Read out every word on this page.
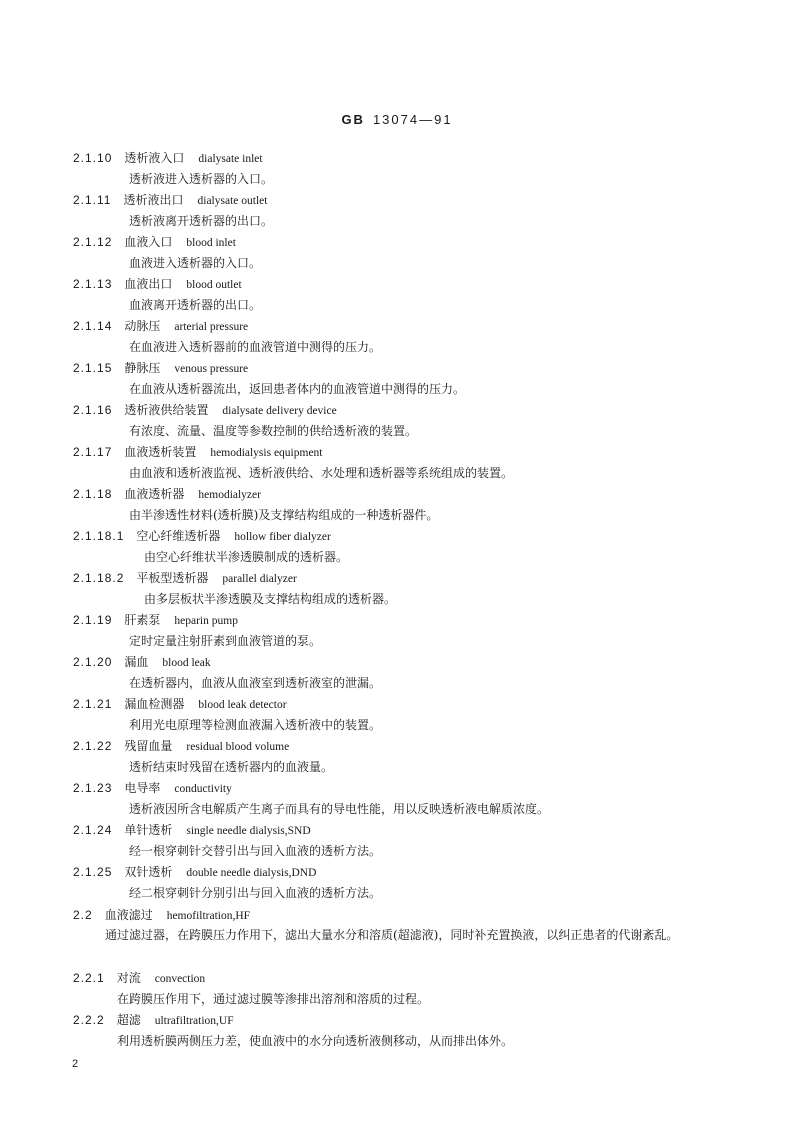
GB 13074—91
2.1.10 透析液入口 dialysate inlet
透析液进入透析器的入口。
2.1.11 透析液出口 dialysate outlet
透析液离开透析器的出口。
2.1.12 血液入口 blood inlet
血液进入透析器的入口。
2.1.13 血液出口 blood outlet
血液离开透析器的出口。
2.1.14 动脉压 arterial pressure
在血液进入透析器前的血液管道中测得的压力。
2.1.15 静脉压 venous pressure
在血液从透析器流出，返回患者体内的血液管道中测得的压力。
2.1.16 透析液供给装置 dialysate delivery device
有浓度、流量、温度等参数控制的供给透析液的装置。
2.1.17 血液透析装置 hemodialysis equipment
由血液和透析液监视、透析液供给、水处理和透析器等系统组成的装置。
2.1.18 血液透析器 hemodialyzer
由半渗透性材料(透析膜)及支撑结构组成的一种透析器件。
2.1.18.1 空心纤维透析器 hollow fiber dialyzer
由空心纤维状半渗透膜制成的透析器。
2.1.18.2 平板型透析器 parallel dialyzer
由多层板状半渗透膜及支撑结构组成的透析器。
2.1.19 肝素泵 heparin pump
定时定量注射肝素到血液管道的泵。
2.1.20 漏血 blood leak
在透析器内，血液从血液室到透析液室的泄漏。
2.1.21 漏血检测器 blood leak detector
利用光电原理等检测血液漏入透析液中的装置。
2.1.22 残留血量 residual blood volume
透析结束时残留在透析器内的血液量。
2.1.23 电导率 conductivity
透析液因所含电解质产生离子而具有的导电性能，用以反映透析液电解质浓度。
2.1.24 单针透析 single needle dialysis,SND
经一根穿刺针交替引出与回入血液的透析方法。
2.1.25 双针透析 double needle dialysis,DND
经二根穿刺针分别引出与回入血液的透析方法。
2.2 血液滤过 hemofiltration,HF
通过滤过器，在跨膜压力作用下，滤出大量水分和溶质(超滤液)，同时补充置换液，以纠正患者的代谢紊乱。
2.2.1 对流 convection
在跨膜压作用下，通过滤过膜等渗排出溶剂和溶质的过程。
2.2.2 超滤 ultrafiltration,UF
利用透析膜两侧压力差，使血液中的水分向透析液侧移动，从而排出体外。
2
